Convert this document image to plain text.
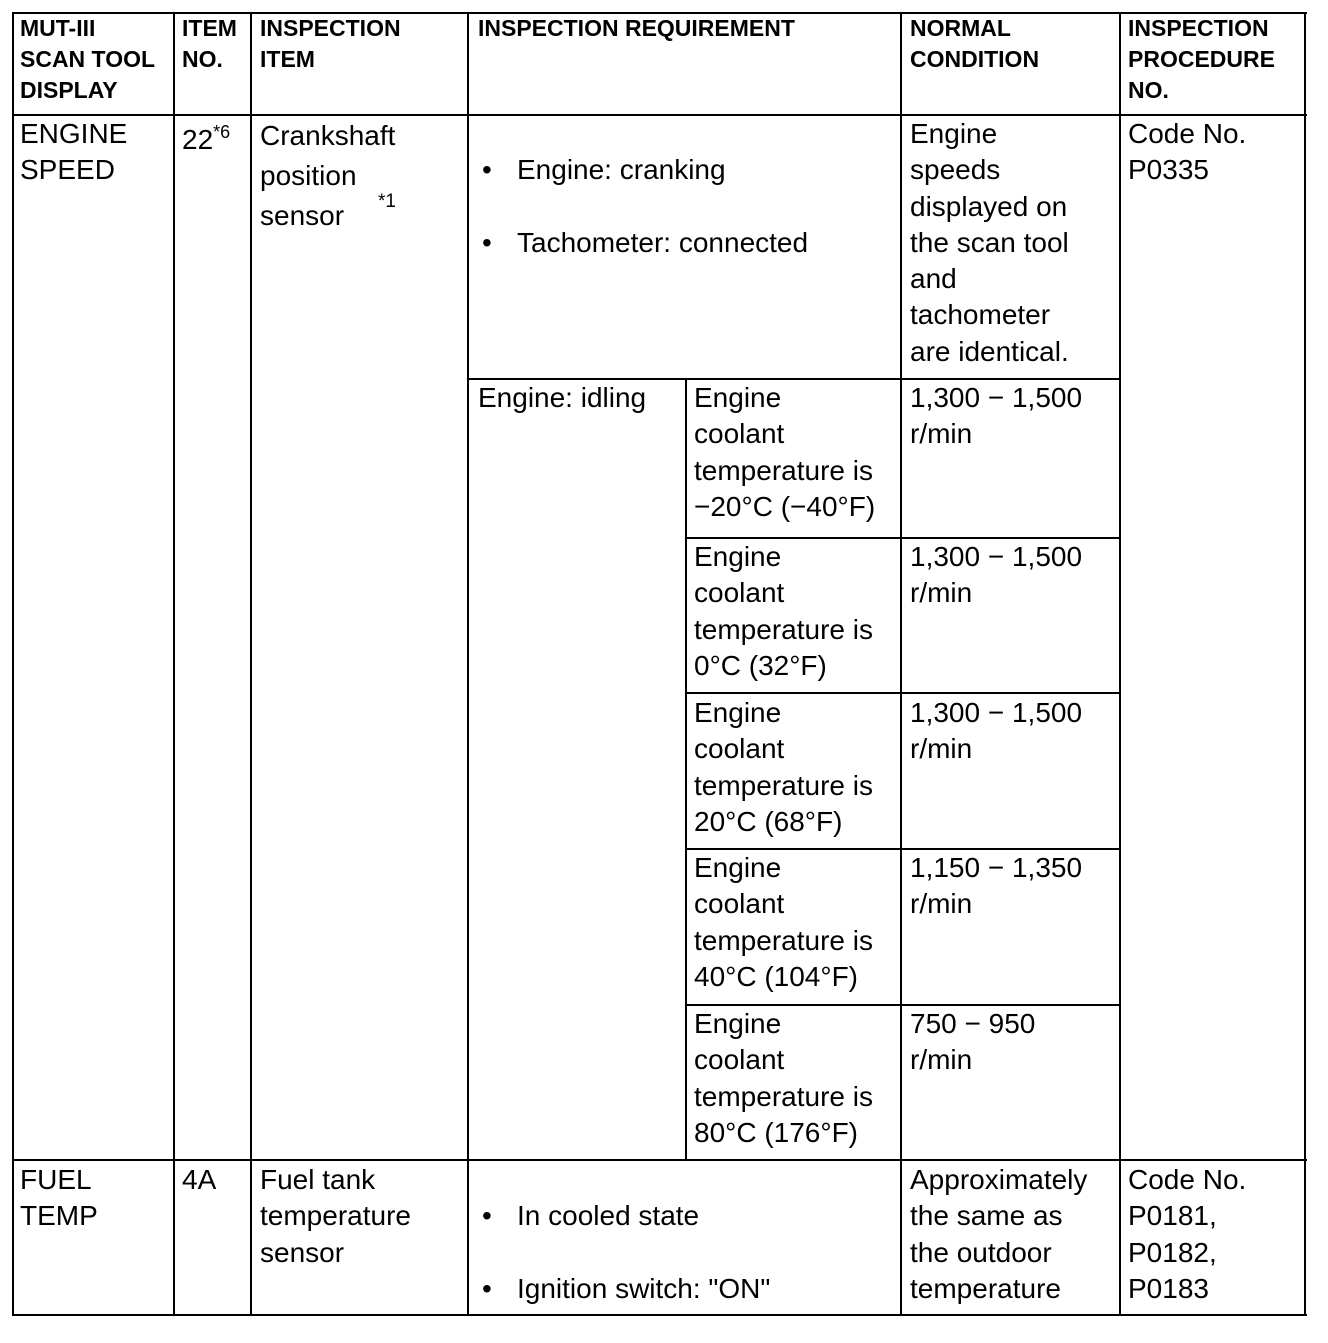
MUT-III
SCAN TOOL
DISPLAY
ITEM
NO.
INSPECTION
ITEM
INSPECTION REQUIREMENT	NORMAL
CONDITION
INSPECTION
PROCEDURE
NO.
ENGINE
SPEED
22$^{*6}$ Crankshaft
position
sensor	*1

• Engine: cranking

• Tachometer: connected

Engine
speeds
displayed on
the scan tool
and
tachometer
are identical.
Code No.
P0335
Engine: idling Engine
coolant
temperature is
−20°C (−40°F)
1,300 − 1,500
r/min
Engine
coolant
temperature is
0°C (32°F)
1,300 − 1,500
r/min
Engine
coolant
temperature is
20°C (68°F)
1,300 − 1,500
r/min
Engine
coolant
temperature is
40°C (104°F)
1,150 − 1,350
r/min
Engine
coolant
temperature is
80°C (176°F)
750 − 950
r/min
FUEL
TEMP
4A Fuel tank
temperature
sensor

• In cooled state

• Ignition switch: "ON"

Approximately
the same as
the outdoor
temperature
Code No.
P0181,
P0182,
P0183
